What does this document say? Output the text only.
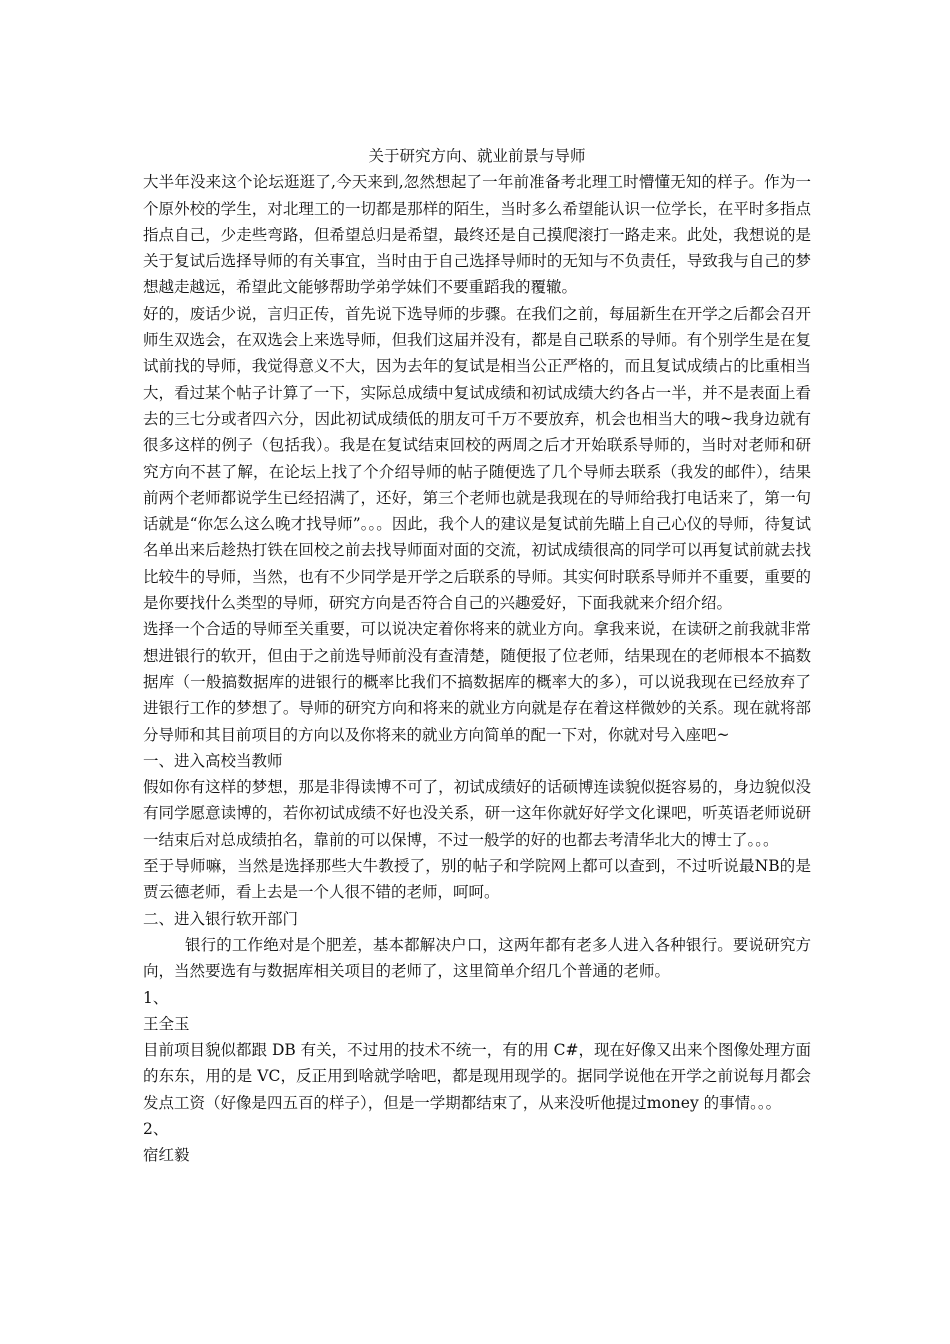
关于研究方向、就业前景与导师

大半年没来这个论坛逛逛了,今天来到,忽然想起了一年前准备考北理工时懵懂无知的样子。作为一个原外校的学生，对北理工的一切都是那样的陌生，当时多么希望能认识一位学长，在平时多指点指点自己，少走些弯路，但希望总归是希望，最终还是自己摸爬滚打一路走来。此处，我想说的是关于复试后选择导师的有关事宜，当时由于自己选择导师时的无知与不负责任，导致我与自己的梦想越走越远，希望此文能够帮助学弟学妹们不要重蹈我的覆辙。

好的，废话少说，言归正传，首先说下选导师的步骤。在我们之前，每届新生在开学之后都会召开师生双选会，在双选会上来选导师，但我们这届并没有，都是自己联系的导师。有个别学生是在复试前找的导师，我觉得意义不大，因为去年的复试是相当公正严格的，而且复试成绩占的比重相当大，看过某个帖子计算了一下，实际总成绩中复试成绩和初试成绩大约各占一半，并不是表面上看去的三七分或者四六分，因此初试成绩低的朋友可千万不要放弃，机会也相当大的哦~我身边就有很多这样的例子（包括我）。我是在复试结束回校的两周之后才开始联系导师的，当时对老师和研究方向不甚了解，在论坛上找了个介绍导师的帖子随便选了几个导师去联系（我发的邮件），结果前两个老师都说学生已经招满了，还好，第三个老师也就是我现在的导师给我打电话来了，第一句话就是“你怎么这么晚才找导师”。。。因此，我个人的建议是复试前先瞄上自己心仪的导师，待复试名单出来后趁热打铁在回校之前去找导师面对面的交流，初试成绩很高的同学可以再复试前就去找比较牛的导师，当然，也有不少同学是开学之后联系的导师。其实何时联系导师并不重要，重要的是你要找什么类型的导师，研究方向是否符合自己的兴趣爱好，下面我就来介绍介绍。

选择一个合适的导师至关重要，可以说决定着你将来的就业方向。拿我来说，在读研之前我就非常想进银行的软开，但由于之前选导师前没有查清楚，随便报了位老师，结果现在的老师根本不搞数据库（一般搞数据库的进银行的概率比我们不搞数据库的概率大的多），可以说我现在已经放弃了进银行工作的梦想了。导师的研究方向和将来的就业方向就是存在着这样微妙的关系。现在就将部分导师和其目前项目的方向以及你将来的就业方向简单的配一下对，你就对号入座吧~

一、进入高校当教师

假如你有这样的梦想，那是非得读博不可了，初试成绩好的话硕博连读貌似挺容易的，身边貌似没有同学愿意读博的，若你初试成绩不好也没关系，研一这年你就好好学文化课吧，听英语老师说研一结束后对总成绩拍名，靠前的可以保博，不过一般学的好的也都去考清华北大的博士了。。。

至于导师嘛，当然是选择那些大牛教授了，别的帖子和学院网上都可以查到，不过听说最NB的是贾云德老师，看上去是一个人很不错的老师，呵呵。

二、进入银行软开部门

银行的工作绝对是个肥差，基本都解决户口，这两年都有老多人进入各种银行。要说研究方向，当然要选有与数据库相关项目的老师了，这里简单介绍几个普通的老师。

1、

王全玉

目前项目貌似都跟 DB 有关，不过用的技术不统一，有的用 C#，现在好像又出来个图像处理方面的东东，用的是 VC，反正用到啥就学啥吧，都是现用现学的。据同学说他在开学之前说每月都会发点工资（好像是四五百的样子），但是一学期都结束了，从来没听他提过money 的事情。。。

2、

宿红毅
